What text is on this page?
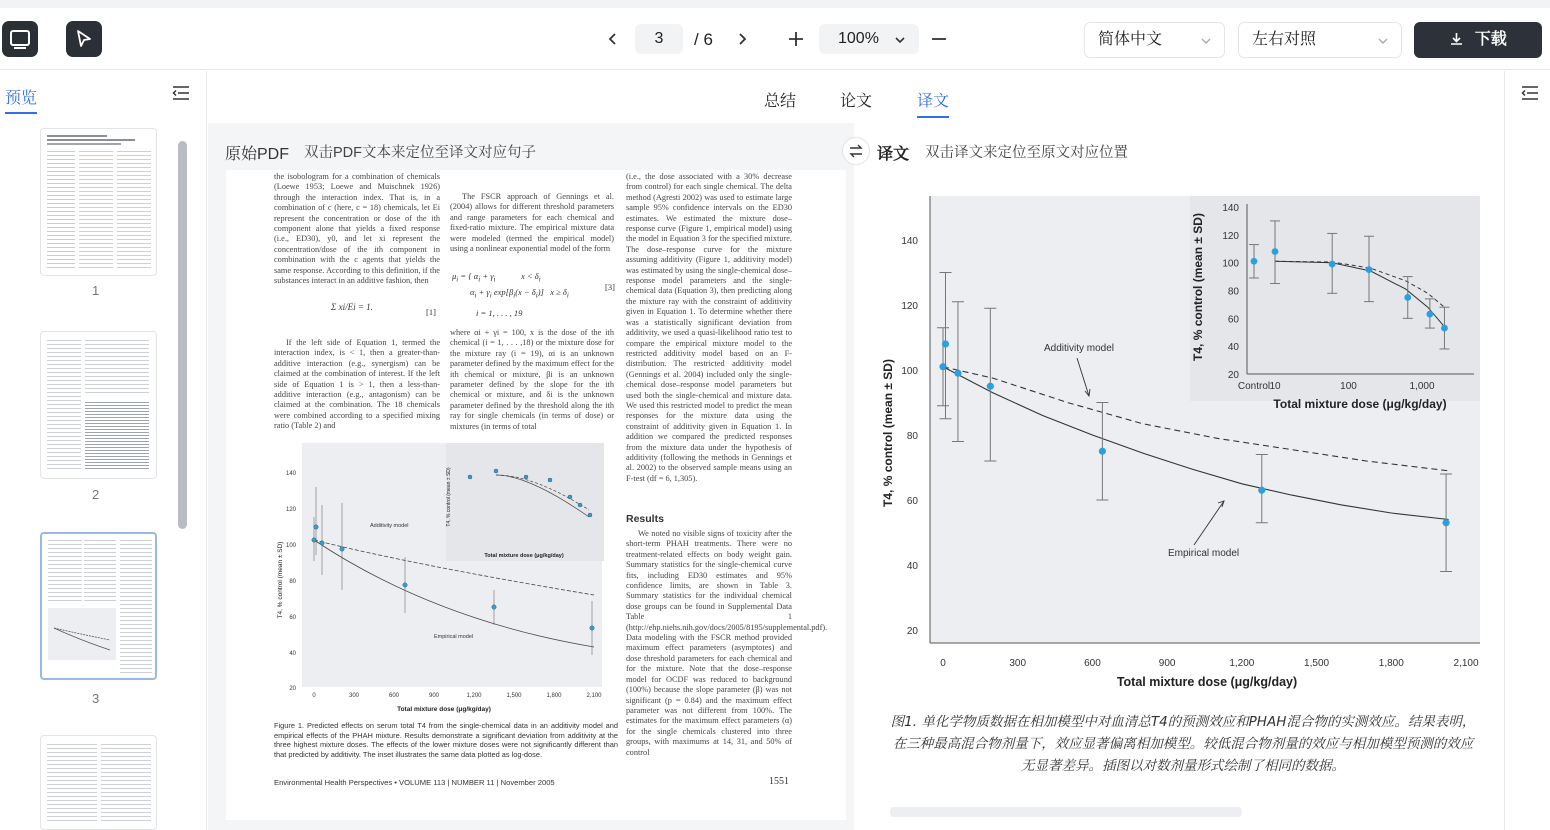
3	/ 6	100%	简体中文	左右对照	下载
预览
1
2
3
总结	论文	译文
原始PDF 双击PDF文本来定位至译文对应句子
the isobologram for a combination of chemicals (Loewe 1953; Loewe and Muischnek 1926) through the interaction index. That is, in a combination of c (here, c = 18) chemicals, let Ei represent the concentration or dose of the ith component alone that yields a fixed response (i.e., ED30), y0, and let xi represent the concentration/dose of the ith component in combination with the c agents that yields the same response. According to this definition, if the substances interact in an additive fashion, then
Σ xi/Ei = 1.	[1]
If the left side of Equation 1, termed the interaction index, is < 1, then a greater-than-additive interaction (e.g., synergism) can be claimed at the combination of interest. If the left side of Equation 1 is > 1, then a less-than-additive interaction (e.g., antagonism) can be claimed at the combination. The 18 chemicals were combined according to a specified mixing ratio (Table 2) and
The FSCR approach of Gennings et al. (2004) allows for different threshold parameters and range parameters for each chemical and fixed-ratio mixture. The empirical mixture data were modeled (termed the empirical model) using a nonlinear exponential model of the form
$\mu_i$ = { $\alpha_i + \gamma_i$            $x < \delta_i$
$\alpha_i + \gamma_i$ $\exp[\beta_i(x - \delta_i)] x \ge \delta_i$
[3]
i = 1, . . . , 19
where αi + γi = 100, x is the dose of the ith chemical (i = 1, . . . ,18) or the mixture dose for the mixture ray (i = 19), αi is an unknown parameter defined by the maximum effect for the ith chemical or mixture, βi is an unknown parameter defined by the slope for the ith chemical or mixture, and δi is the unknown parameter defined by the threshold along the ith ray for single chemicals (in terms of dose) or mixtures (in terms of total
(i.e., the dose associated with a 30% decrease from control) for each single chemical. The delta method (Agresti 2002) was used to estimate large sample 95% confidence intervals on the ED30 estimates. We estimated the mixture dose–response curve (Figure 1, empirical model) using the model in Equation 3 for the specified mixture. The dose–response curve for the mixture assuming additivity (Figure 1, additivity model) was estimated by using the single-chemical dose–response model parameters and the single-chemical data (Equation 3), then predicting along the mixture ray with the constraint of additivity given in Equation 1. To determine whether there was a statistically significant deviation from additivity, we used a quasi-likelihood ratio test to compare the empirical mixture model to the restricted additivity model based on an F-distribution. The restricted additivity model (Gennings et al. 2004) included only the single-chemical dose–response model parameters but used both the single-chemical and mixture data. We used this restricted model to predict the mean responses for the mixture data using the constraint of additivity given in Equation 1. In addition we compared the predicted responses from the mixture data under the hypothesis of additivity (following the methods in Gennings et al. 2002) to the observed sample means using an F-test (df = 6, 1,305).
Results
We noted no visible signs of toxicity after the short-term PHAH treatments. There were no treatment-related effects on body weight gain. Summary statistics for the single-chemical curve fits, including ED30 estimates and 95% confidence limits, are shown in Table 3. Summary statistics for the individual chemical dose groups can be found in Supplemental Data Table 1 (http://ehp.niehs.nih.gov/docs/2005/8195/supplemental.pdf). Data modeling with the FSCR method provided maximum effect parameters (asymptotes) and dose threshold parameters for each chemical and for the mixture. Note that the dose–response model for OCDF was reduced to background (100%) because the slope parameter (β) was not significant (p = 0.84) and the maximum effect parameter was not different from 100%. The estimates for the maximum effect parameters (α) for the single chemicals clustered into three groups, with maximums at 14, 31, and 50% of control
140
120
100
80
60
40
20
T4, % control (mean ± SD)
0	300	600	900	1,200	1,500	1,800	2,100
Total mixture dose (μg/kg/day)
Additivity model
Empirical model
T4, % control (mean ± SD)
Total mixture dose (μg/kg/day)
Figure 1. Predicted effects on serum total T4 from the single-chemical data in an additivity model and empirical effects of the PHAH mixture. Results demonstrate a significant deviation from additivity at the three highest mixture doses. The effects of the lower mixture doses were not significantly different than that predicted by additivity. The inset illustrates the same data plotted as log-dose.
Environmental Health Perspectives • VOLUME 113 | NUMBER 11 | November 2005	1551
译文 双击译文来定位至原文对应位置
20
40
60
80
100
120
140
0	300	600	900	1,200	1,500	1,800	2,100
T4, % control (mean ± SD)
Total mixture dose (μg/kg/day)
Additivity model
Empirical model
20
40
60
80
100
120
140
Control 10	100	1,000
T4, % control (mean ± SD)
Total mixture dose (μg/kg/day)
图1. 单化学物质数据在相加模型中对血清总T4的预测效应和PHAH混合物的实测效应。结果表明，在三种最高混合物剂量下，效应显著偏离相加模型。较低混合物剂量的效应与相加模型预测的效应无显著差异。插图以对数剂量形式绘制了相同的数据。
